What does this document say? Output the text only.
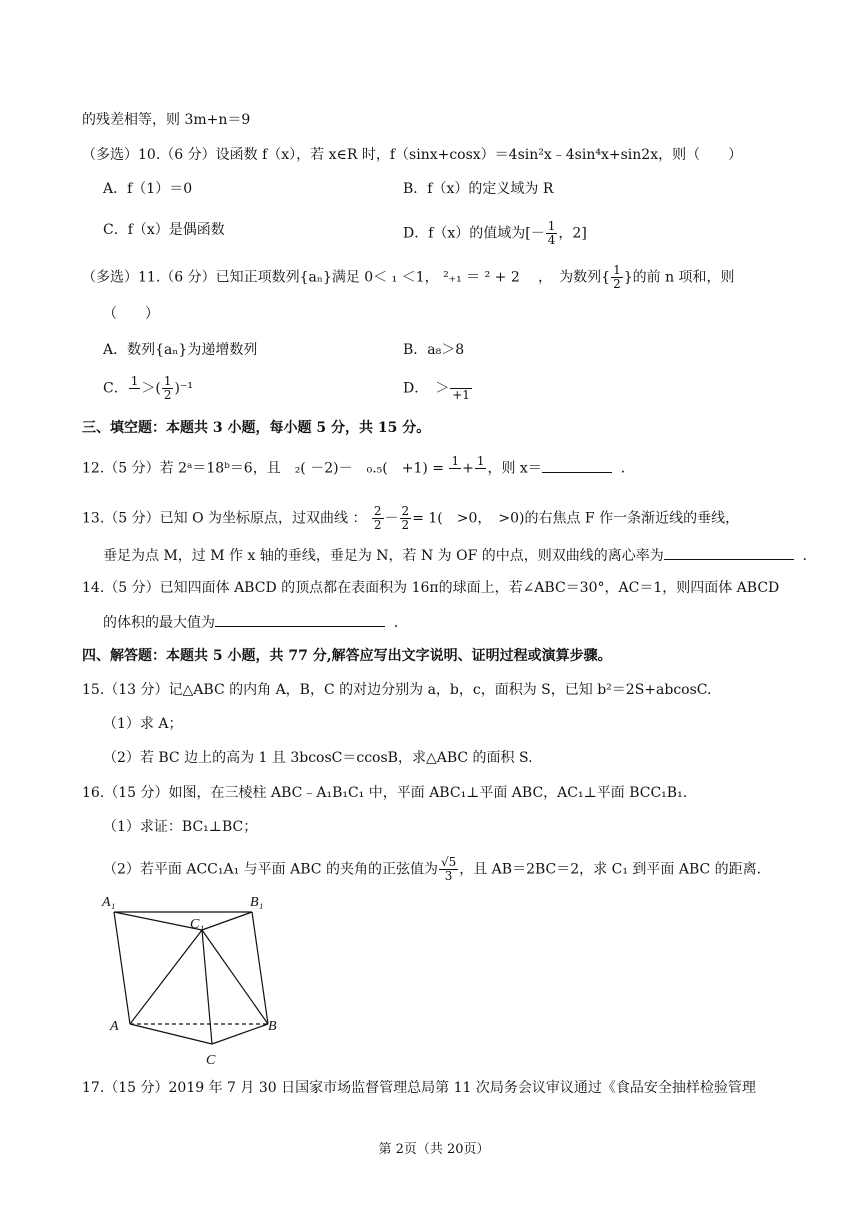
的残差相等，则 3m+n＝9
（多选）10.（6 分）设函数 f（x），若 x∈R 时，f（sinx+cosx）＝4sin²x﹣4sin⁴x+sin2x，则（　　）
A．f（1）＝0	B．f（x）的定义域为 R
C．f（x）是偶函数	D．f（x）的值域为[－ $\frac{1}{4}$ ，2]
（多选）11.（6 分）已知正项数列{aₙ}满足 0＜ ₁ ＜1， ²₊₁ ＝ ² + 2 　，　为数列{ $\frac{1}{2}$ }的前 n 项和，则
（　　）
A．数列{aₙ}为递增数列	B．a₈＞8
C． 1
＞( $\frac{1}{2} )^{-1}$	D．　＞
+1
三、填空题：本题共 3 小题，每小题 5 分，共 15 分。
12.（5 分）若 2ᵃ＝18ᵇ＝6，且　₂( －2)－　₀.₅(　+1) = 1
+ 1
，则 x＝	．
13.（5 分）已知 O 为坐标原点，过双曲线 ： $\frac{2}{2} - \frac{2}{2} = 1$(　>0，　>0)的右焦点 F 作一条渐近线的垂线，
垂足为点 M，过 M 作 x 轴的垂线，垂足为 N，若 N 为 OF 的中点，则双曲线的离心率为	．
14.（5 分）已知四面体 ABCD 的顶点都在表面积为 16π的球面上，若∠ABC＝30°，AC＝1，则四面体 ABCD
的体积的最大值为	．
四、解答题：本题共 5 小题，共 77 分,解答应写出文字说明、证明过程或演算步骤。
15.（13 分）记△ABC 的内角 A，B，C 的对边分别为 a，b，c，面积为 S，已知 b²＝2S+abcosC.
（1）求 A；
（2）若 BC 边上的高为 1 且 3bcosC＝ccosB，求△ABC 的面积 S.
16.（15 分）如图，在三棱柱 ABC﹣A₁B₁C₁ 中，平面 ABC₁⊥平面 ABC，AC₁⊥平面 BCC₁B₁.
（1）求证：BC₁⊥BC；
（2）若平面 ACC₁A₁ 与平面 ABC 的夹角的正弦值为 $\frac{√5}{3}$ ，且 AB＝2BC＝2，求 C₁ 到平面 ABC 的距离.
A₁	B₁
C₁
A	B
C
17.（15 分）2019 年 7 月 30 日国家市场监督管理总局第 11 次局务会议审议通过《食品安全抽样检验管理
第 2页（共 20页）
